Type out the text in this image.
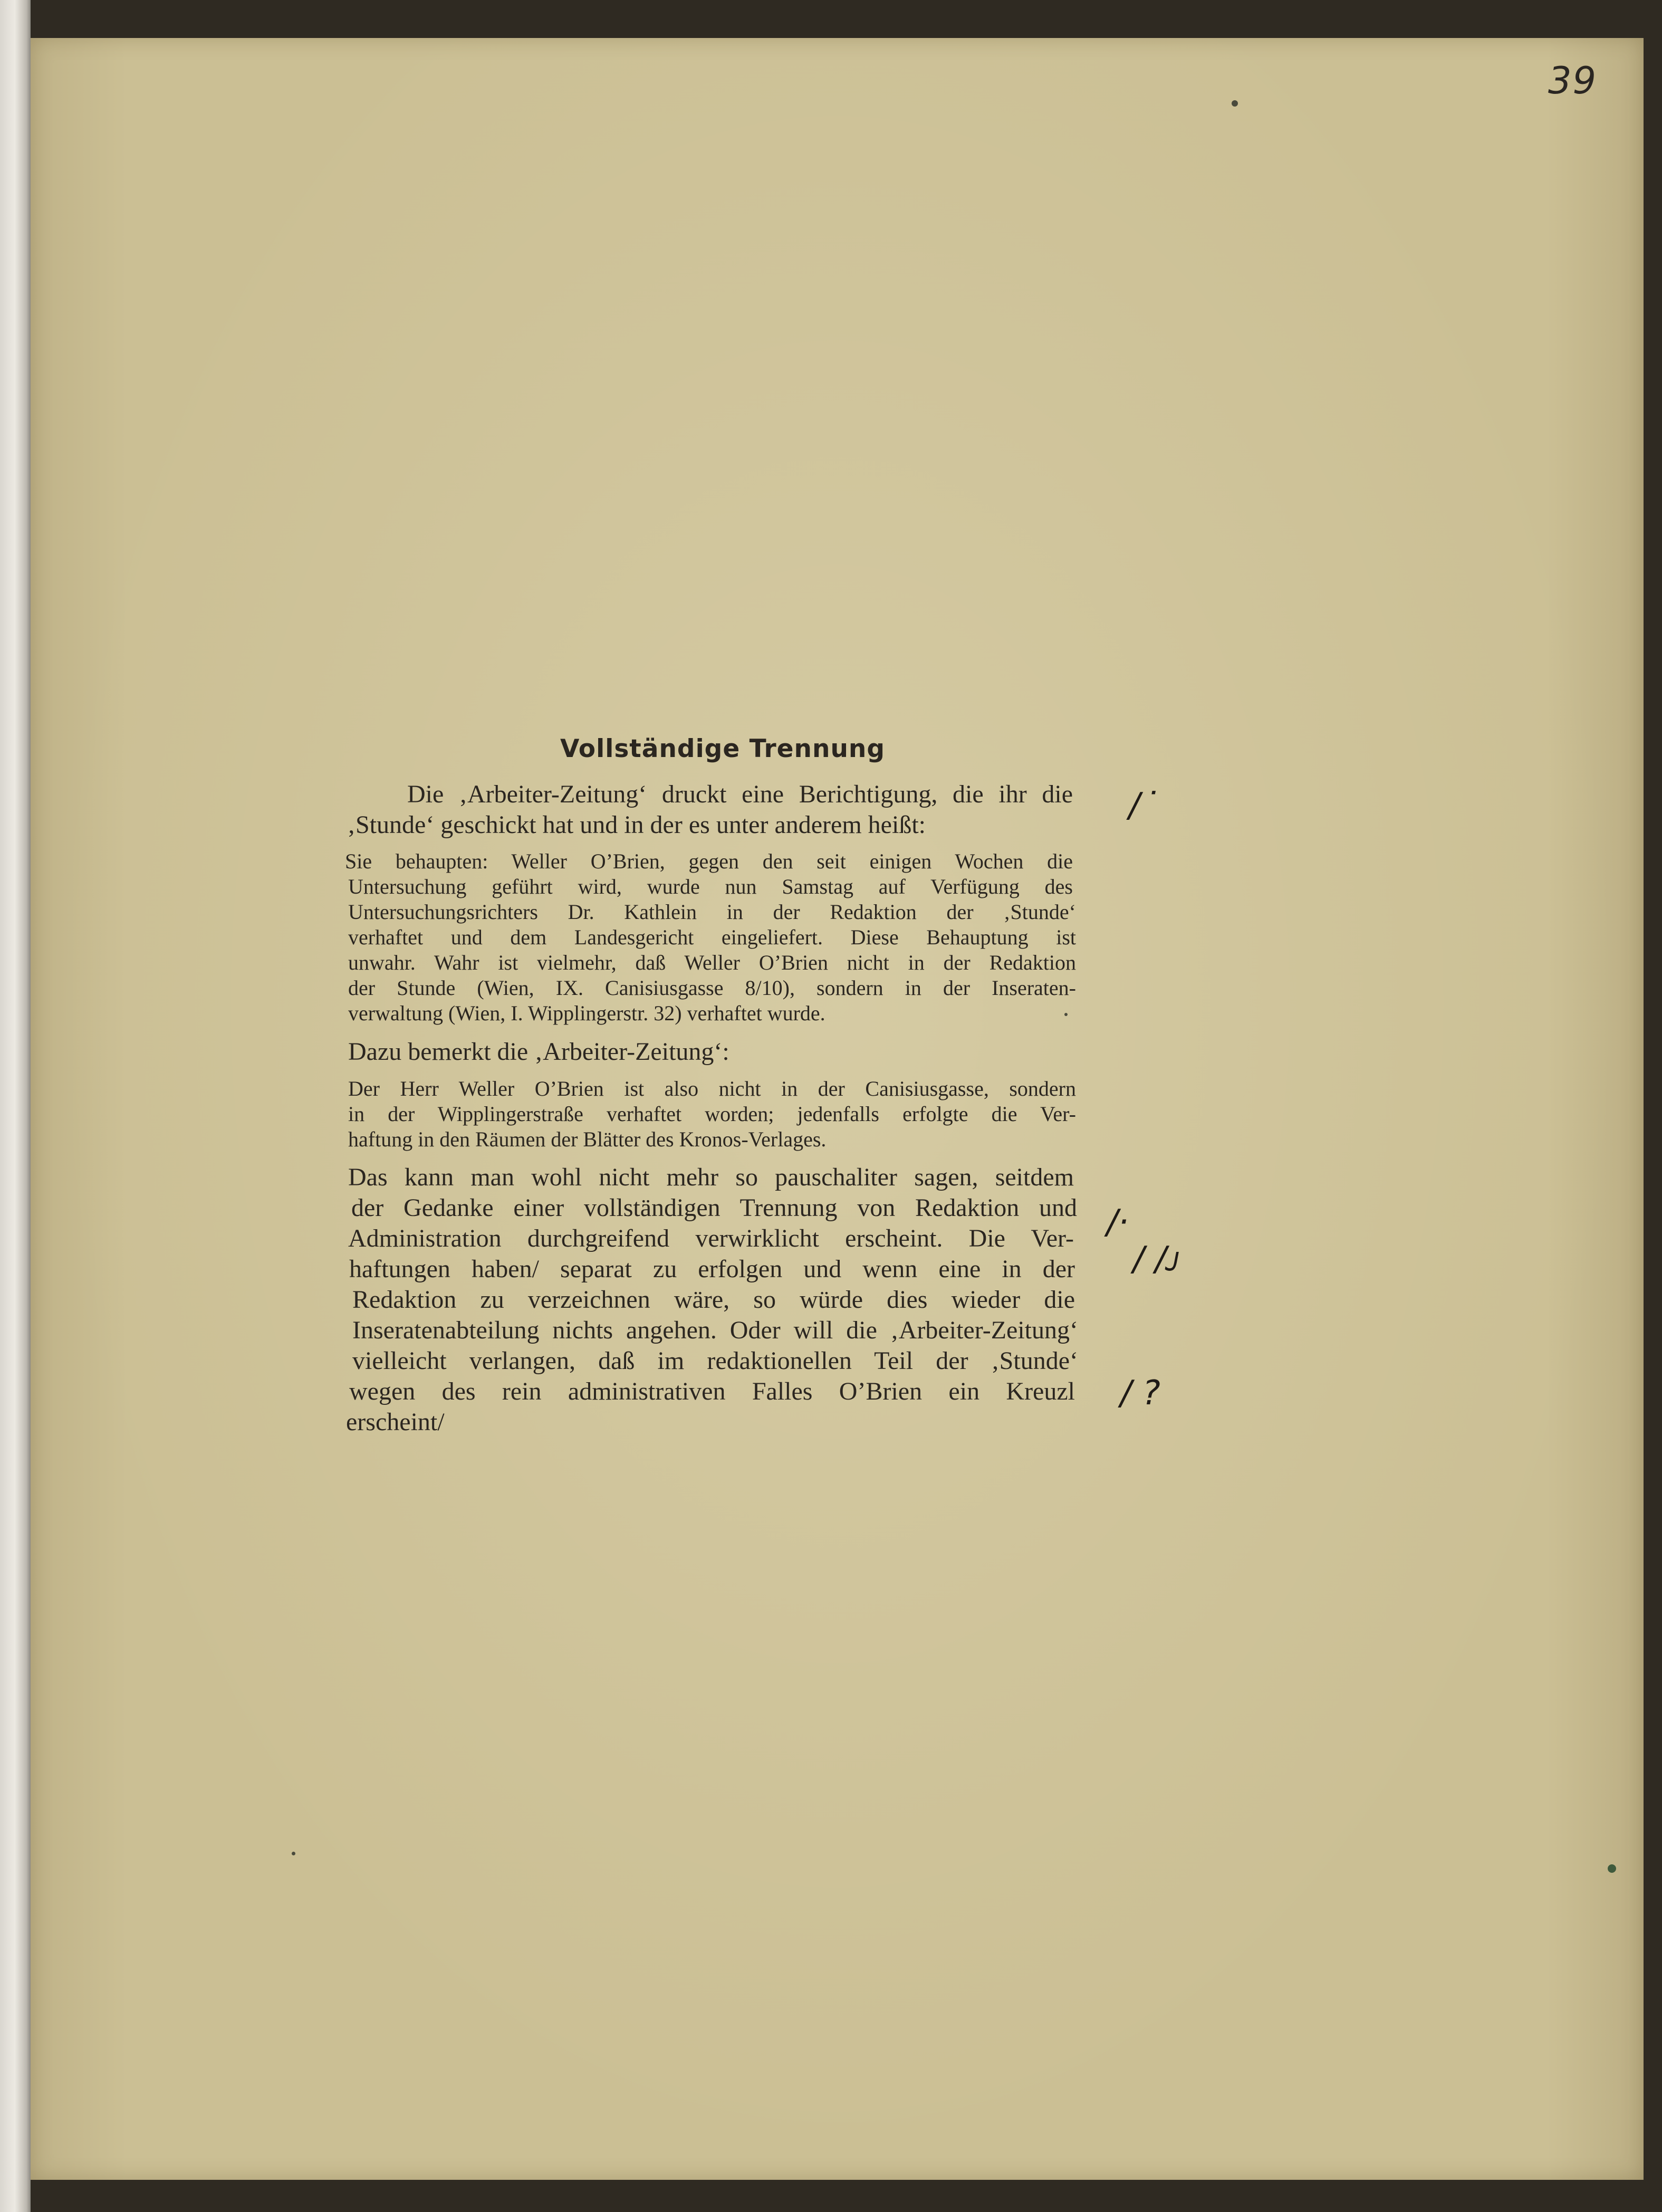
39
Vollständige Trennung
Die ‚Arbeiter-Zeitung‘ druckt eine Berichtigung, die ihr die
‚Stunde‘ geschickt hat und in der es unter anderem heißt:
Sie behaupten: Weller O’Brien, gegen den seit einigen Wochen die
Untersuchung geführt wird, wurde nun Samstag auf Verfügung des
Untersuchungsrichters Dr. Kathlein in der Redaktion der ‚Stunde‘
verhaftet und dem Landesgericht eingeliefert. Diese Behauptung ist
unwahr. Wahr ist vielmehr, daß Weller O’Brien nicht in der Redaktion
der Stunde (Wien, IX. Canisiusgasse 8/10), sondern in der Inseraten-
verwaltung (Wien, I. Wipplingerstr. 32) verhaftet wurde.
Dazu bemerkt die ‚Arbeiter-Zeitung‘:
Der Herr Weller O’Brien ist also nicht in der Canisiusgasse, sondern
in der Wipplingerstraße verhaftet worden; jedenfalls erfolgte die Ver-
haftung in den Räumen der Blätter des Kronos-Verlages.
Das kann man wohl nicht mehr so pauschaliter sagen, seitdem
der Gedanke einer vollständigen Trennung von Redaktion und
Administration durchgreifend verwirklicht erscheint. Die Ver-
haftungen haben/ separat zu erfolgen und wenn eine in der
Redaktion zu verzeichnen wäre, so würde dies wieder die
Inseratenabteilung nichts angehen. Oder will die ‚Arbeiter-Zeitung‘
vielleicht verlangen, daß im redaktionellen Teil der ‚Stunde‘
wegen des rein administrativen Falles O’Brien ein Kreuzl
erscheint/
/ ͘
/·
/ /ᴊ
/ ?
